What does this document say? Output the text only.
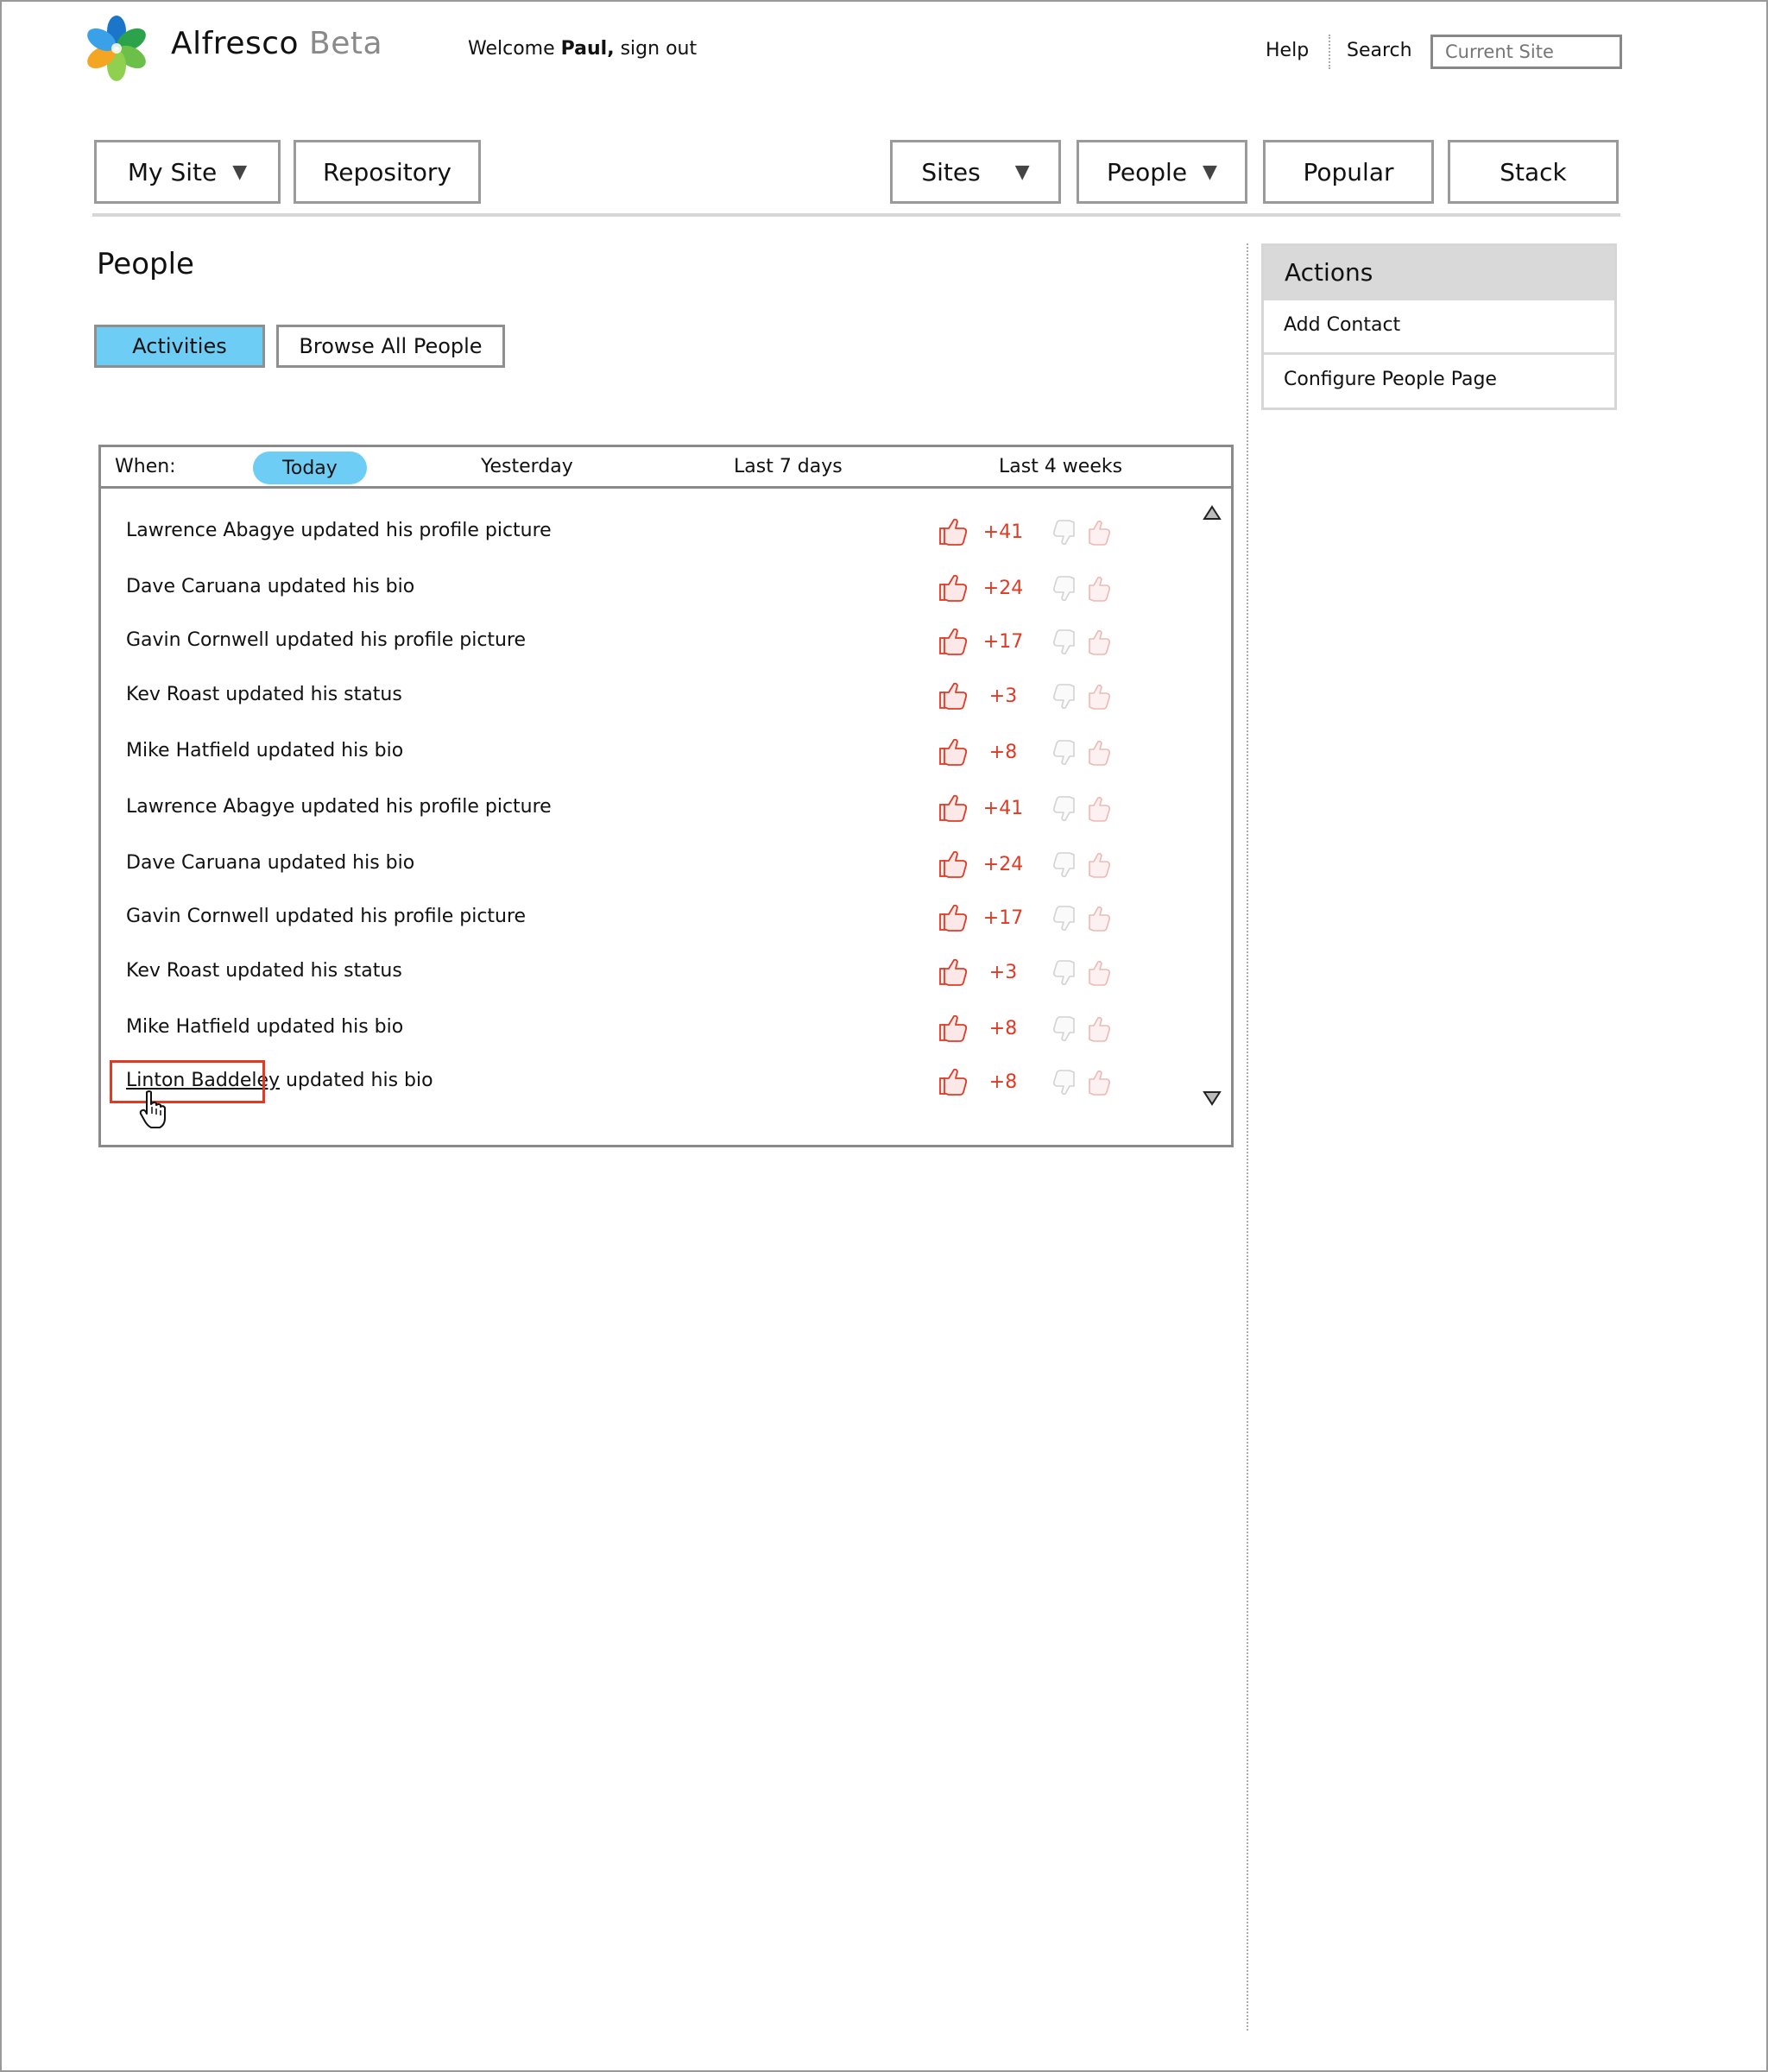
Alfresco Beta	Welcome Paul, sign out	Help Search
Current Site
My Site ▼	Repository	Sites ▼	People ▼	Popular	Stack
People
Activities	Browse All People
When:	Today	Yesterday	Last 7 days	Last 4 weeks
Lawrence Abagye updated his profile picture	+41
Dave Caruana updated his bio	+24
Gavin Cornwell updated his profile picture	+17
Kev Roast updated his status	+3
Mike Hatfield updated his bio	+8
Lawrence Abagye updated his profile picture	+41
Dave Caruana updated his bio	+24
Gavin Cornwell updated his profile picture	+17
Kev Roast updated his status	+3
Mike Hatfield updated his bio	+8
Linton Baddeley updated his bio	+8
Actions
Add Contact
Configure People Page
